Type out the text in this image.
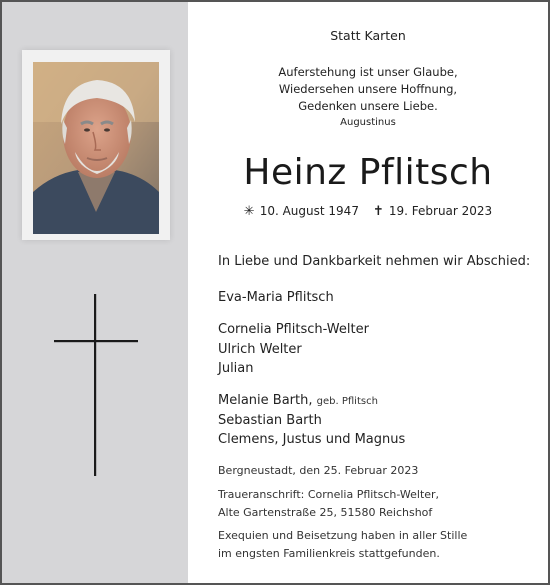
Statt Karten
Auferstehung ist unser Glaube,
Wiedersehen unsere Hoffnung,
Gedenken unsere Liebe.
Augustinus
Heinz Pflitsch
✳ 10. August 1947 ✝ 19. Februar 2023
In Liebe und Dankbarkeit nehmen wir Abschied:
Eva-Maria Pflitsch
Cornelia Pflitsch-Welter
Ulrich Welter
Julian
Melanie Barth, geb. Pflitsch
Sebastian Barth
Clemens, Justus und Magnus
Bergneustadt, den 25. Februar 2023
Traueranschrift: Cornelia Pflitsch-Welter,
Alte Gartenstraße 25, 51580 Reichshof
Exequien und Beisetzung haben in aller Stille
im engsten Familienkreis stattgefunden.
